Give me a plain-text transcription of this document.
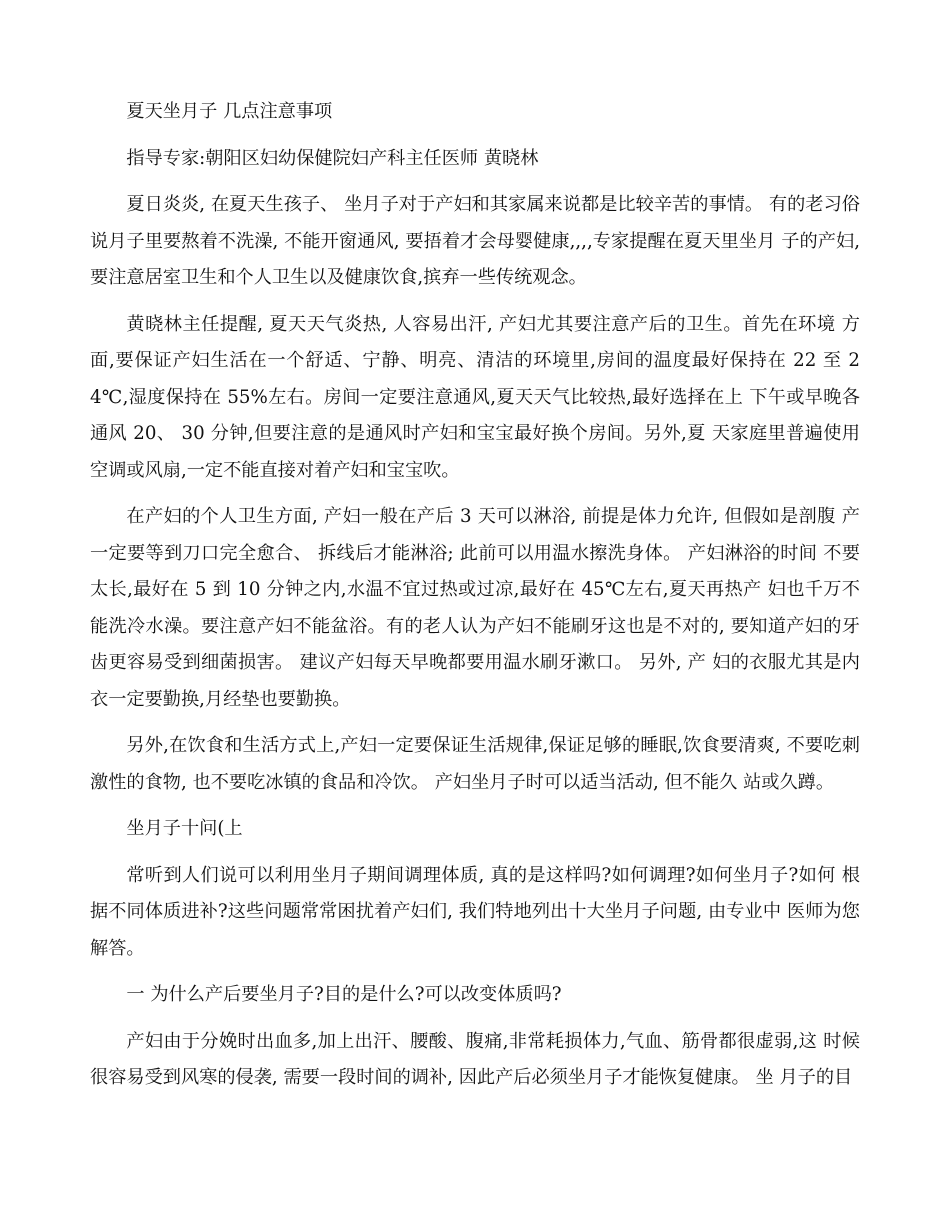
夏天坐月子 几点注意事项

指导专家:朝阳区妇幼保健院妇产科主任医师 黄晓林

夏日炎炎, 在夏天生孩子、 坐月子对于产妇和其家属来说都是比较辛苦的事情。 有的老习俗说月子里要熬着不洗澡, 不能开窗通风, 要捂着才会母婴健康,,,,专家提醒在夏天里坐月 子的产妇,要注意居室卫生和个人卫生以及健康饮食,摈弃一些传统观念。

黄晓林主任提醒, 夏天天气炎热, 人容易出汗, 产妇尤其要注意产后的卫生。首先在环境 方面,要保证产妇生活在一个舒适、宁静、明亮、清洁的环境里,房间的温度最好保持在 22 至 24℃,湿度保持在 55%左右。房间一定要注意通风,夏天天气比较热,最好选择在上 下午或早晚各通风 20、 30 分钟,但要注意的是通风时产妇和宝宝最好换个房间。另外,夏 天家庭里普遍使用空调或风扇,一定不能直接对着产妇和宝宝吹。

在产妇的个人卫生方面, 产妇一般在产后 3 天可以淋浴, 前提是体力允许, 但假如是剖腹 产一定要等到刀口完全愈合、 拆线后才能淋浴; 此前可以用温水擦洗身体。 产妇淋浴的时间 不要太长,最好在 5 到 10 分钟之内,水温不宜过热或过凉,最好在 45℃左右,夏天再热产 妇也千万不能洗冷水澡。要注意产妇不能盆浴。有的老人认为产妇不能刷牙这也是不对的, 要知道产妇的牙齿更容易受到细菌损害。 建议产妇每天早晚都要用温水刷牙漱口。 另外, 产 妇的衣服尤其是内衣一定要勤换,月经垫也要勤换。

另外,在饮食和生活方式上,产妇一定要保证生活规律,保证足够的睡眠,饮食要清爽, 不要吃刺激性的食物, 也不要吃冰镇的食品和冷饮。 产妇坐月子时可以适当活动, 但不能久 站或久蹲。

坐月子十问(上

常听到人们说可以利用坐月子期间调理体质, 真的是这样吗?如何调理?如何坐月子?如何 根据不同体质进补?这些问题常常困扰着产妇们, 我们特地列出十大坐月子问题, 由专业中 医师为您解答。

一 为什么产后要坐月子?目的是什么?可以改变体质吗?

产妇由于分娩时出血多,加上出汗、腰酸、腹痛,非常耗损体力,气血、筋骨都很虚弱,这 时候很容易受到风寒的侵袭, 需要一段时间的调补, 因此产后必须坐月子才能恢复健康。 坐 月子的目
